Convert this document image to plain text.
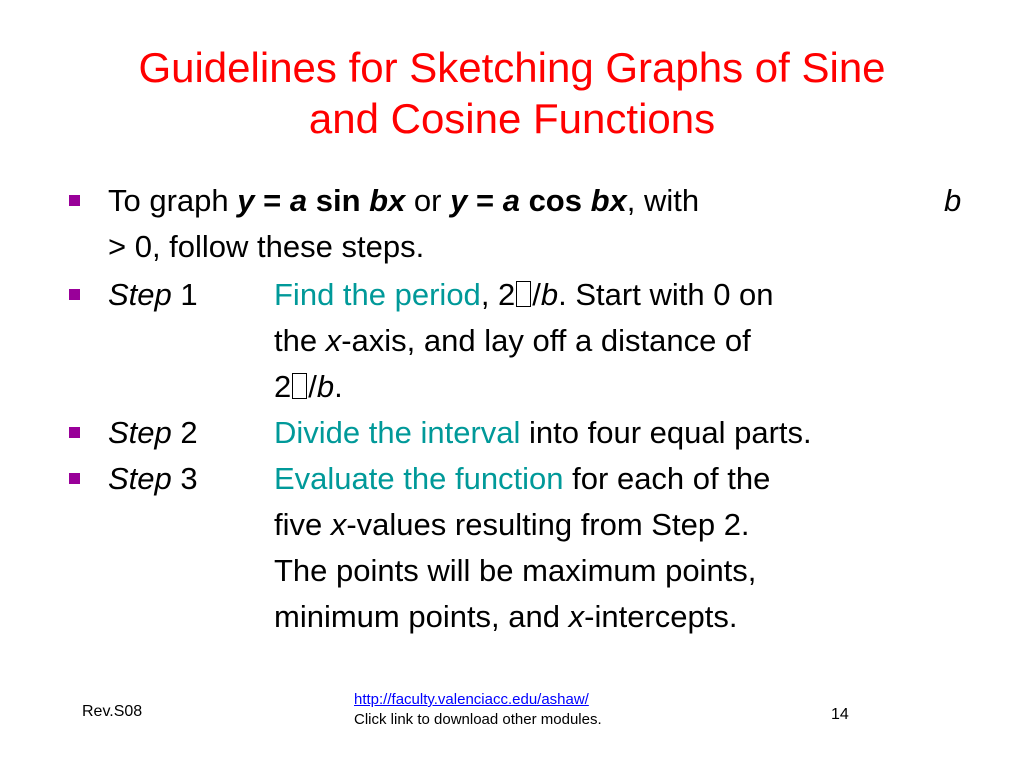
Guidelines for Sketching Graphs of Sine
and Cosine Functions
To graph y = a sin bx or y = a cos bx, with	b
> 0, follow these steps.
Step 1	Find the period, 2 /b. Start with 0 on
the x-axis, and lay off a distance of
2 /b.
Step 2	Divide the interval into four equal parts.
Step 3	Evaluate the function for each of the
five x-values resulting from Step 2.
The points will be maximum points,
minimum points, and x-intercepts.
Rev.S08
http://faculty.valenciacc.edu/ashaw/
Click link to download other modules.	14
